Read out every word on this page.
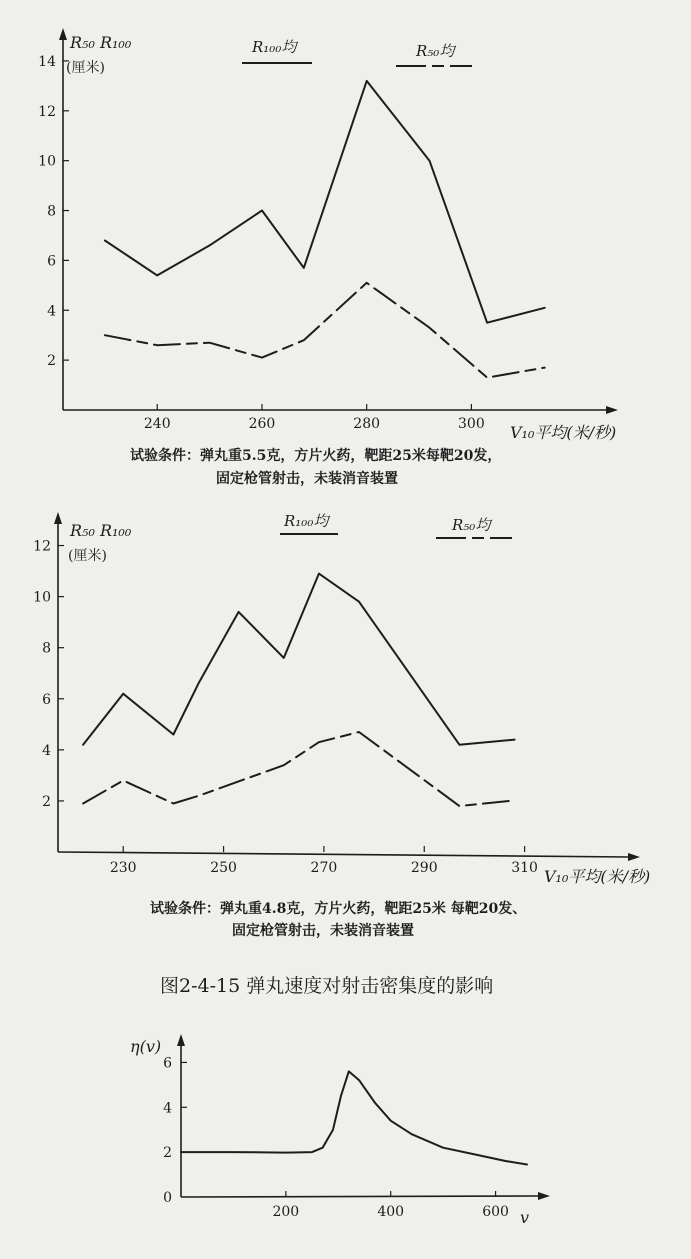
R₅₀ R₁₀₀
(厘米)
R₁₀₀均	R₅₀均
V₁₀平均(米/秒)
试验条件：弹丸重5.5克，方片火药，靶距25米每靶20发，
固定枪管射击，未装消音装置
240	260	280	300
2
4
6
8
10
12
14
R₅₀ R₁₀₀
(厘米)
R₁₀₀均	R₅₀均
V₁₀平均(米/秒)
试验条件：弹丸重4.8克，方片火药，靶距25米 每靶20发、
固定枪管射击，未装消音装置
230	250	270	290	310
2
4
6
8
10
12
图2-4-15 弹丸速度对射击密集度的影响
η(v)
v
200	400	600
0
2
4
6
